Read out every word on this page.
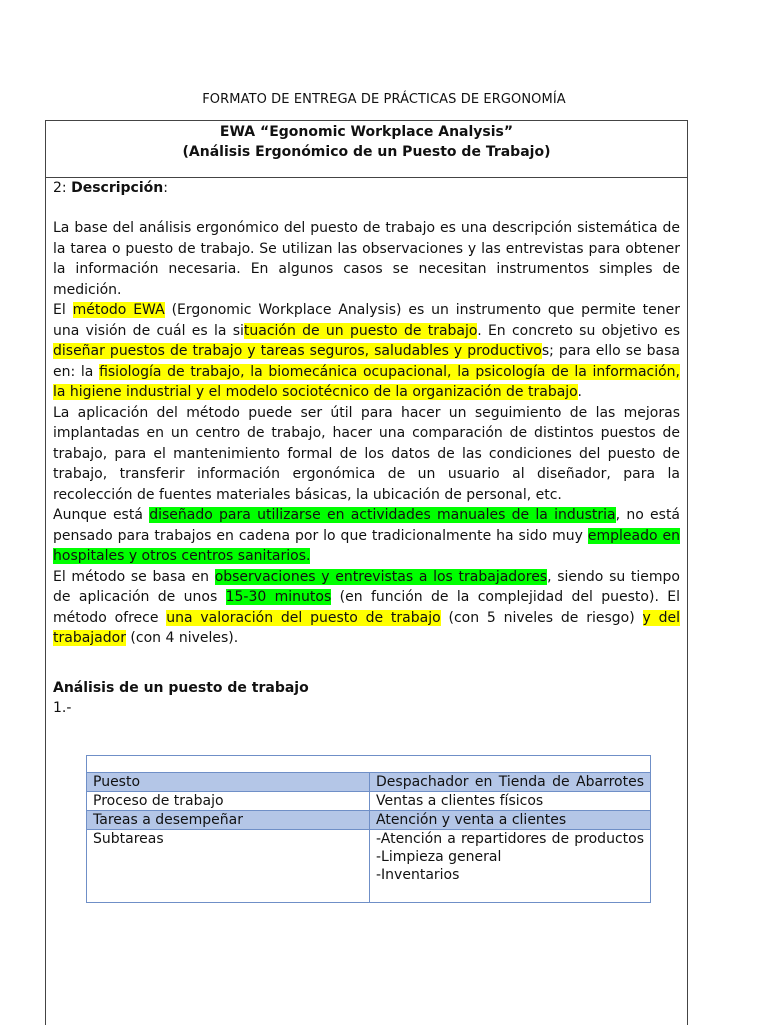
FORMATO DE ENTREGA DE PRÁCTICAS DE ERGONOMÍA
EWA “Egonomic Workplace Analysis”
(Análisis Ergonómico de un Puesto de Trabajo)
2: Descripción:

La base del análisis ergonómico del puesto de trabajo es una descripción sistemática de la tarea o puesto de trabajo. Se utilizan las observaciones y las entrevistas para obtener la información necesaria. En algunos casos se necesitan instrumentos simples de medición.

El método EWA (Ergonomic Workplace Analysis) es un instrumento que permite tener una visión de cuál es la situación de un puesto de trabajo. En concreto su objetivo es diseñar puestos de trabajo y tareas seguros, saludables y productivos; para ello se basa en: la fisiología de trabajo, la biomecánica ocupacional, la psicología de la información, la higiene industrial y el modelo sociotécnico de la organización de trabajo.

La aplicación del método puede ser útil para hacer un seguimiento de las mejoras implantadas en un centro de trabajo, hacer una comparación de distintos puestos de trabajo, para el mantenimiento formal de los datos de las condiciones del puesto de trabajo, transferir información ergonómica de un usuario al diseñador, para la recolección de fuentes materiales básicas, la ubicación de personal, etc.

Aunque está diseñado para utilizarse en actividades manuales de la industria, no está pensado para trabajos en cadena por lo que tradicionalmente ha sido muy empleado en hospitales y otros centros sanitarios.

El método se basa en observaciones y entrevistas a los trabajadores, siendo su tiempo de aplicación de unos 15-30 minutos (en función de la complejidad del puesto). El método ofrece una valoración del puesto de trabajo (con 5 niveles de riesgo) y del trabajador (con 4 niveles).

Análisis de un puesto de trabajo
1.-

Puesto	Despachador en Tienda de Abarrotes
Proceso de trabajo	Ventas a clientes físicos
Tareas a desempeñar	Atención y venta a clientes
Subtareas	-Atención a repartidores de productos
-Limpieza general
-Inventarios
